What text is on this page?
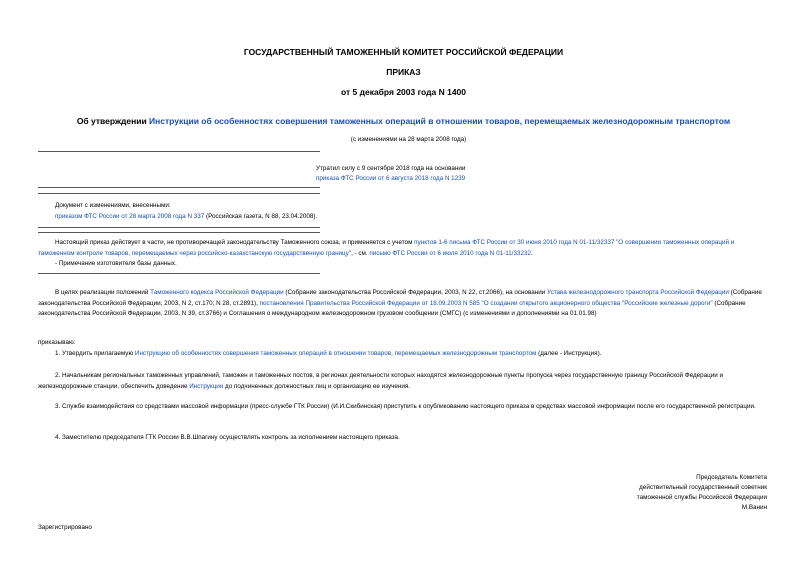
ГОСУДАРСТВЕННЫЙ ТАМОЖЕННЫЙ КОМИТЕТ РОССИЙСКОЙ ФЕДЕРАЦИИ
ПРИКАЗ
от 5 декабря 2003 года N 1400
Об утверждении Инструкции об особенностях совершения таможенных операций в отношении товаров, перемещаемых железнодорожным транспортом
(с изменениями на 28 марта 2008 года)
Утратил силу с 9 сентября 2018 года на основании
приказа ФТС России от 6 августа 2018 года N 1239
Документ с изменениями, внесенными:
приказом ФТС России от 28 марта 2008 года N 337 (Российская газета, N 88, 23.04.2008).
Настоящий приказ действует в части, не противоречащей законодательству Таможенного союза, и применяется с учетом пунктов 1-6 письма ФТС России от 30 июня 2010 года N 01-11/32337 "О совершении таможенных операций и таможенном контроле товаров, перемещаемых через российско-казахстанскую государственную границу", - см. письмо ФТС России от 6 июля 2010 года N 01-11/33232.
- Примечание изготовителя базы данных.
В целях реализации положений Таможенного кодекса Российской Федерации (Собрание законодательства Российской Федерации, 2003, N 22, ст.2066), на основании Устава железнодорожного транспорта Российской Федерации (Собрание законодательства Российской Федерации, 2003, N 2, ст.170; N 28, ст.2891), постановления Правительства Российской Федерации от 18.09.2003 N 585 "О создании открытого акционерного общества "Российские железные дороги" (Собрание законодательства Российской Федерации, 2003, N 39, ст.3766) и Соглашения о международном железнодорожном грузовом сообщении (СМГС) (с изменениями и дополнениями на 01.01.98)
приказываю:
1. Утвердить прилагаемую Инструкцию об особенностях совершения таможенных операций в отношении товаров, перемещаемых железнодорожным транспортом (далее - Инструкция).
2. Начальникам региональных таможенных управлений, таможен и таможенных постов, в регионах деятельности которых находятся железнодорожные пункты пропуска через государственную границу Российской Федерации и железнодорожные станции, обеспечить доведение Инструкции до подчиненных должностных лиц и организацию ее изучения.
3. Службе взаимодействия со средствами массовой информации (пресс-службе ГТК России) (И.И.Скибинская) приступить к опубликованию настоящего приказа в средствах массовой информации после его государственной регистрации.
4. Заместителю председателя ГТК России В.В.Шпагину осуществлять контроль за исполнением настоящего приказа.
Председатель Комитета
действительный государственный советник
таможенной службы Российской Федерации
М.Ванин
Зарегистрировано
